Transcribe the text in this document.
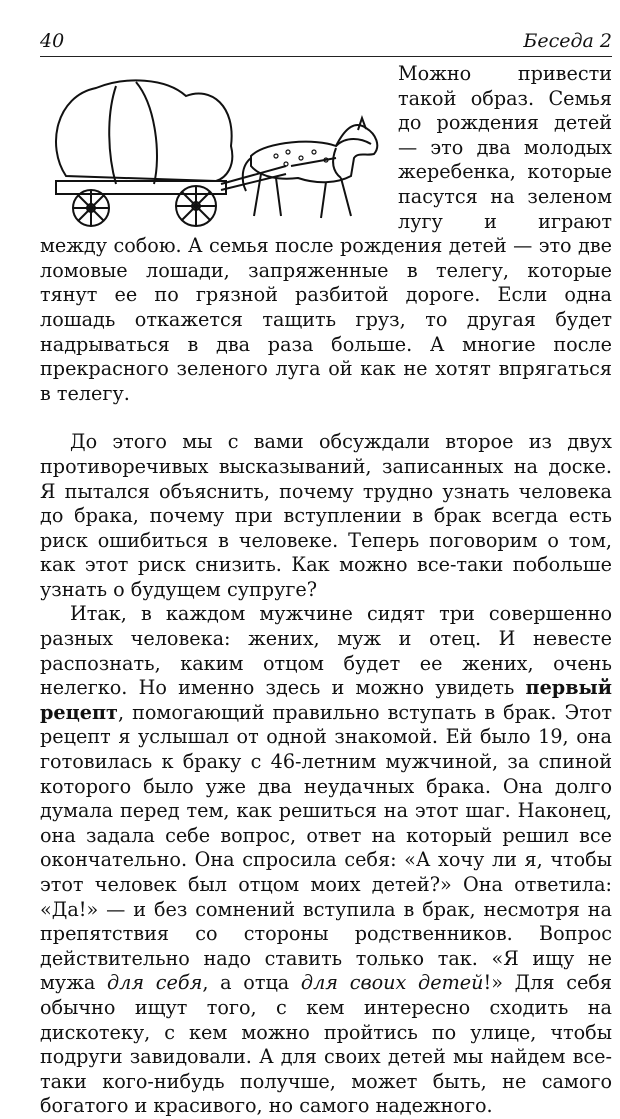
40	Беседа 2

Можно привести такой образ. Семья до рождения детей — это два молодых жеребенка, которые пасутся на зеленом лугу и играют между собою. А семья после рождения детей — это две ломовые лошади, запряженные в телегу, которые тянут ее по грязной разбитой дороге. Если одна лошадь откажется тащить груз, то другая будет надрываться в два раза больше. А многие после прекрасного зеленого луга ой как не хотят впрягаться в телегу.

До этого мы с вами обсуждали второе из двух противоречивых высказываний, записанных на доске. Я пытался объяснить, почему трудно узнать человека до брака, почему при вступлении в брак всегда есть риск ошибиться в человеке. Теперь поговорим о том, как этот риск снизить. Как можно все-таки побольше узнать о будущем супруге?

Итак, в каждом мужчине сидят три совершенно разных человека: жених, муж и отец. И невесте распознать, каким отцом будет ее жених, очень нелегко. Но именно здесь и можно увидеть первый рецепт, помогающий правильно вступать в брак. Этот рецепт я услышал от одной знакомой. Ей было 19, она готовилась к браку с 46-летним мужчиной, за спиной которого было уже два неудачных брака. Она долго думала перед тем, как решиться на этот шаг. Наконец, она задала себе вопрос, ответ на который решил все окончательно. Она спросила себя: «А хочу ли я, чтобы этот человек был отцом моих детей?» Она ответила: «Да!» — и без сомнений вступила в брак, несмотря на препятствия со стороны родственников. Вопрос действительно надо ставить только так. «Я ищу не мужа для себя, а отца для своих детей!» Для себя обычно ищут того, с кем интересно сходить на дискотеку, с кем можно пройтись по улице, чтобы подруги завидовали. А для своих детей мы найдем все-таки кого-нибудь получше, может быть, не самого богатого и красивого, но самого надежного.
